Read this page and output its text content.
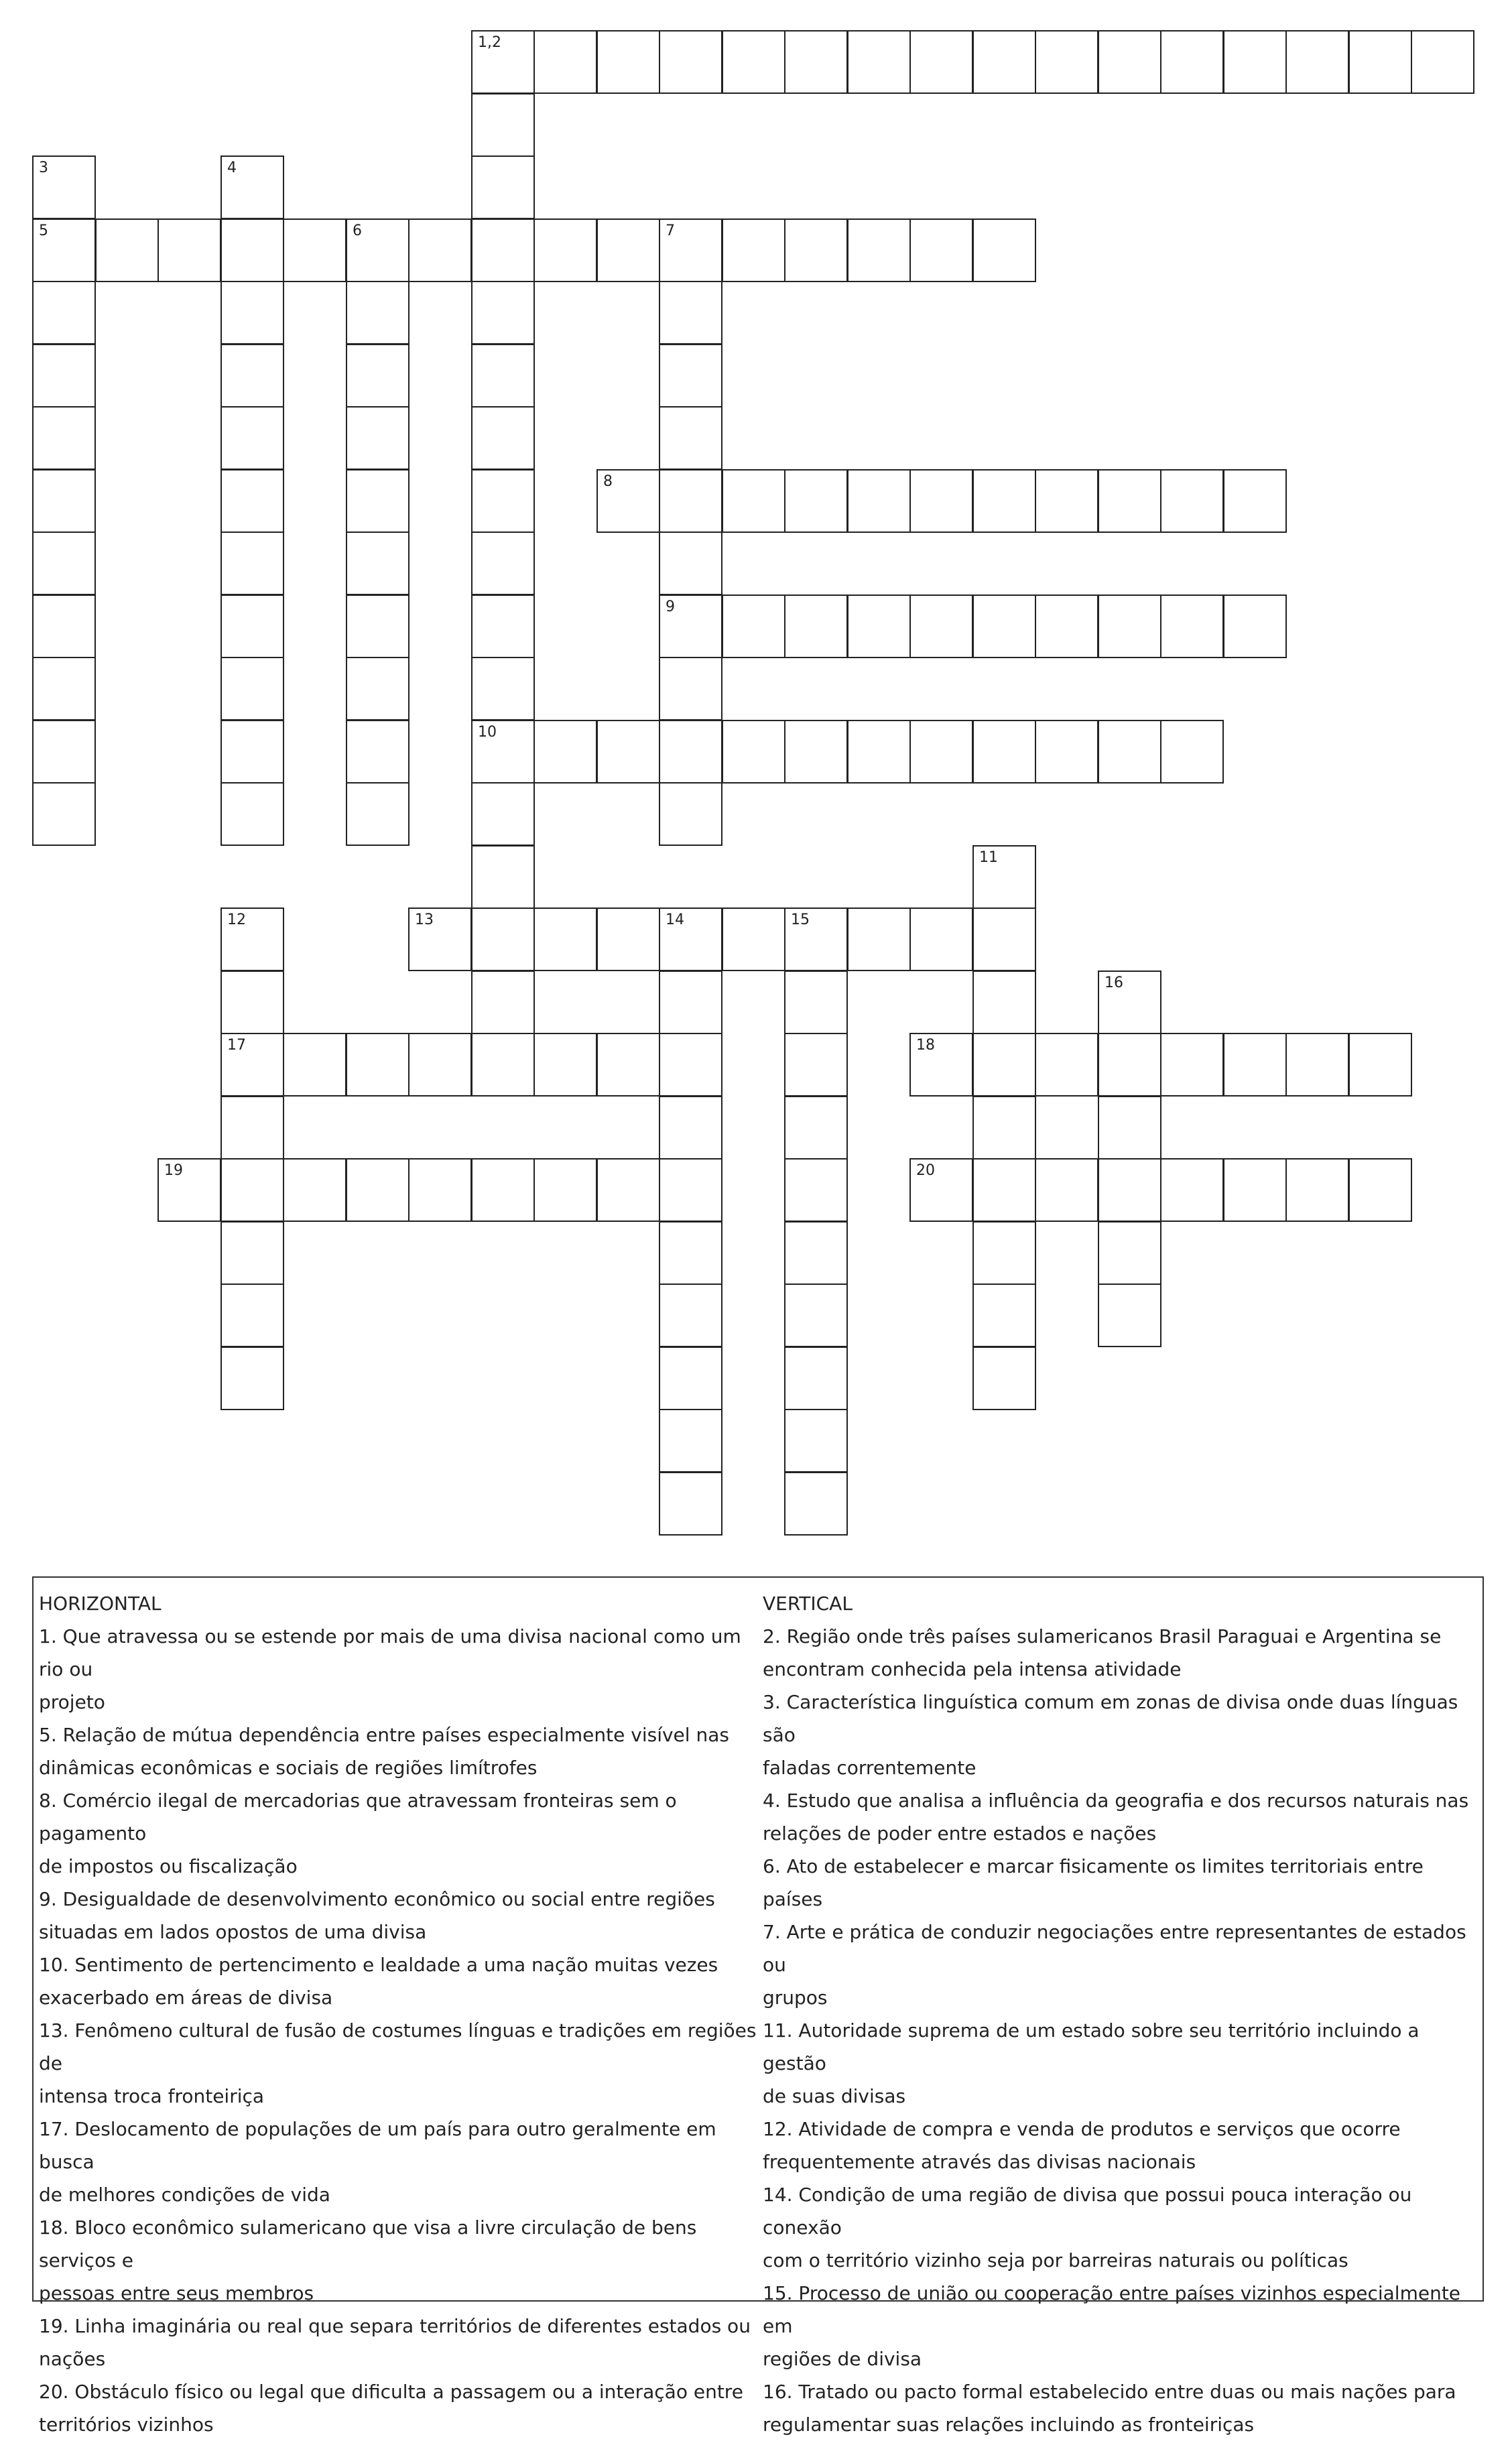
1,2
3	4
5	6	7
8
9
10
11
12	13	14	15
16
17	18
19	20

HORIZONTAL

1. Que atravessa ou se estende por mais de uma divisa nacional como um rio ou

projeto

5. Relação de mútua dependência entre países especialmente visível nas

dinâmicas econômicas e sociais de regiões limítrofes

8. Comércio ilegal de mercadorias que atravessam fronteiras sem o pagamento

de impostos ou fiscalização

9. Desigualdade de desenvolvimento econômico ou social entre regiões

situadas em lados opostos de uma divisa

10. Sentimento de pertencimento e lealdade a uma nação muitas vezes

exacerbado em áreas de divisa

13. Fenômeno cultural de fusão de costumes línguas e tradições em regiões de

intensa troca fronteiriça

17. Deslocamento de populações de um país para outro geralmente em busca

de melhores condições de vida

18. Bloco econômico sulamericano que visa a livre circulação de bens serviços e

pessoas entre seus membros

19. Linha imaginária ou real que separa territórios de diferentes estados ou

nações

20. Obstáculo físico ou legal que dificulta a passagem ou a interação entre

territórios vizinhos

VERTICAL

2. Região onde três países sulamericanos Brasil Paraguai e Argentina se

encontram conhecida pela intensa atividade

3. Característica linguística comum em zonas de divisa onde duas línguas são

faladas correntemente

4. Estudo que analisa a influência da geografia e dos recursos naturais nas

relações de poder entre estados e nações

6. Ato de estabelecer e marcar fisicamente os limites territoriais entre países

7. Arte e prática de conduzir negociações entre representantes de estados ou

grupos

11. Autoridade suprema de um estado sobre seu território incluindo a gestão

de suas divisas

12. Atividade de compra e venda de produtos e serviços que ocorre

frequentemente através das divisas nacionais

14. Condição de uma região de divisa que possui pouca interação ou conexão

com o território vizinho seja por barreiras naturais ou políticas

15. Processo de união ou cooperação entre países vizinhos especialmente em

regiões de divisa

16. Tratado ou pacto formal estabelecido entre duas ou mais nações para

regulamentar suas relações incluindo as fronteiriças
